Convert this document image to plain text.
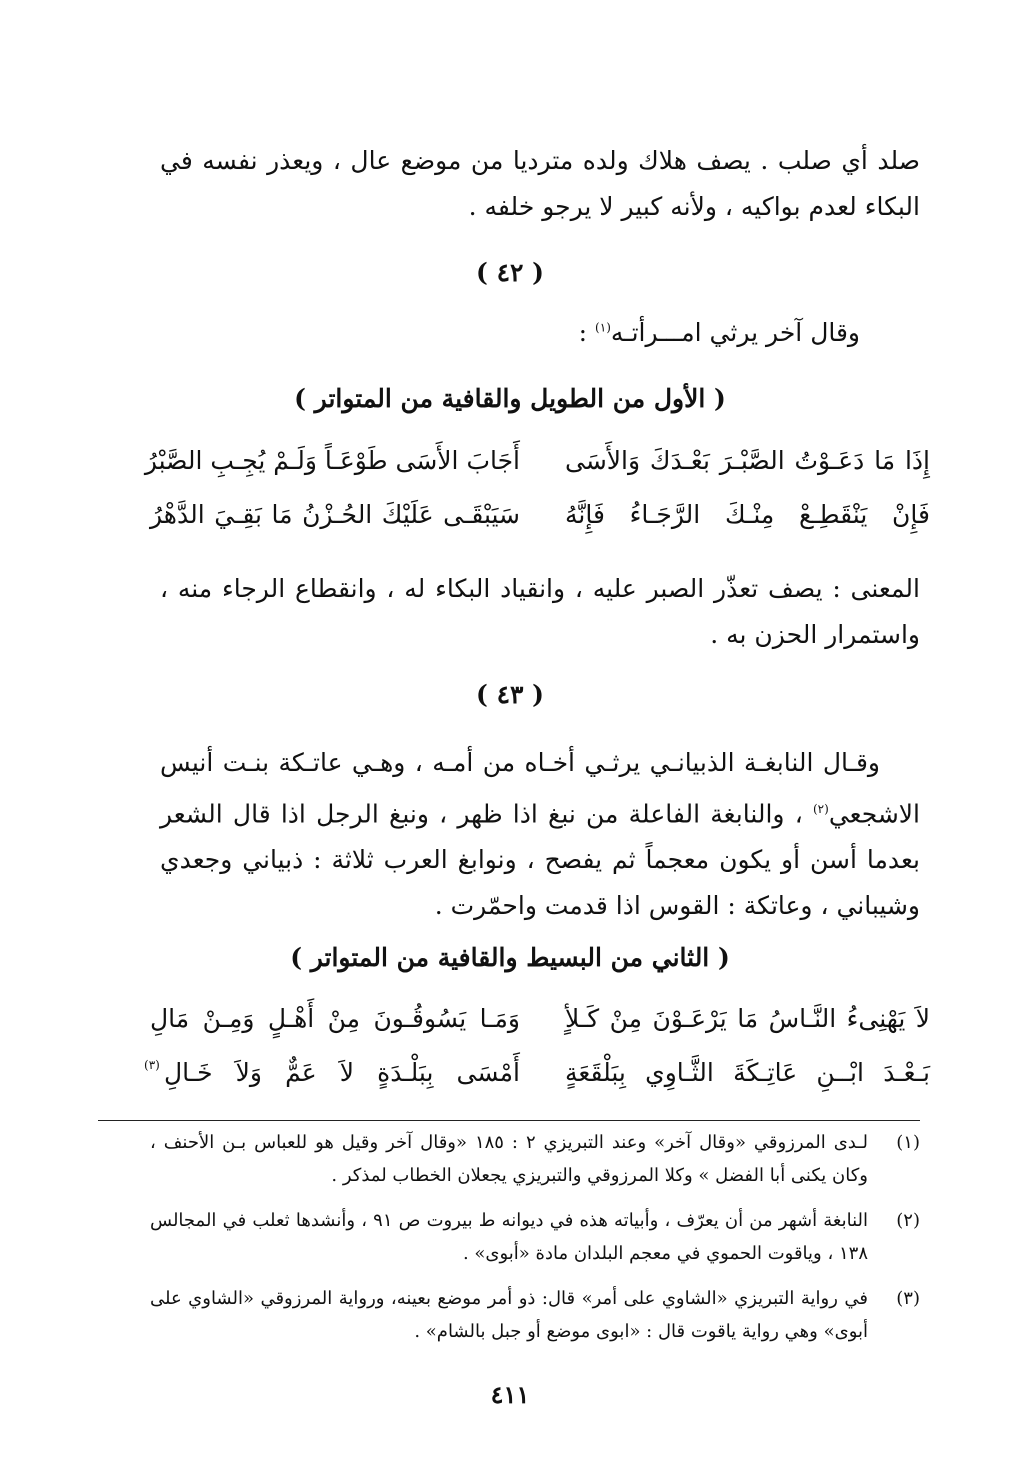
صلد أي صلب . يصف هلاك ولده مترديا من موضع عال ، ويعذر نفسه في البكاء لعدم بواكيه ، ولأنه كبير لا يرجو خلفه .
( ٤٢ )
وقال آخر يرثي امـــرأتـه$^{(١)}$ :
( الأول من الطويل والقافية من المتواتر )
إِذَا مَا دَعَـوْتُ الصَّبْـرَ بَعْـدَكَ وَالأَسَى
أَجَابَ الأَسَى طَوْعَـاً وَلَـمْ يُجِـبِ الصَّبْرُ
فَإِنْ يَنْقَطِـعْ مِنْـكَ الرَّجَـاءُ فَإِنَّهُ
سَيَبْقَـى عَلَيْكَ الحُـزْنُ مَا بَقِـيَ الدَّهْرُ
المعنى : يصف تعذّر الصبر عليه ، وانقياد البكاء له ، وانقطاع الرجاء منه ، واستمرار الحزن به .
( ٤٣ )
وقـال النابغـة الذبيانـي يرثـي أخـاه من أمـه ، وهـي عاتـكة بنـت أنيس الاشجعي$^{(٢)}$ ، والنابغة الفاعلة من نبغ اذا ظهر ، ونبغ الرجل اذا قال الشعر بعدما أسن أو يكون معجماً ثم يفصح ، ونوابغ العرب ثلاثة : ذبياني وجعدي وشيباني ، وعاتكة : القوس اذا قدمت واحمّرت .
( الثاني من البسيط والقافية من المتواتر )
لاَ يَهْنِىءُ النَّـاسُ مَا يَرْعَـوْنَ مِنْ كَـلأٍ
وَمَـا يَسُوقُـونَ مِنْ أَهْـلٍ وَمِـنْ مَالِ
بَـعْـدَ ابْــنِ عَاتِـكَةَ الثَّـاوِي بِبَلْقَعَةٍ
أَمْسَى بِبَلْـدَةٍ لاَ عَمٌّ وَلاَ خَـالِ
(٣)
(١)
لـدى المرزوقي «وقال آخر» وعند التبريزي ٢ : ١٨٥ «وقال آخر وقيل هو للعباس بـن الأحنف ، وكان يكنى أبا الفضل » وكلا المرزوقي والتبريزي يجعلان الخطاب لمذكر .
(٢)
النابغة أشهر من أن يعرّف ، وأبياته هذه في ديوانه ط بيروت ص ٩١ ، وأنشدها ثعلب في المجالس ١٣٨ ، وياقوت الحموي في معجم البلدان مادة «أبوى» .
(٣)
في رواية التبريزي «الشاوي على أمر» قال: ذو أمر موضع بعينه، ورواية المرزوقي «الشاوي على أبوى» وهي رواية ياقوت قال : «ابوى موضع أو جبل بالشام» .
٤١١
